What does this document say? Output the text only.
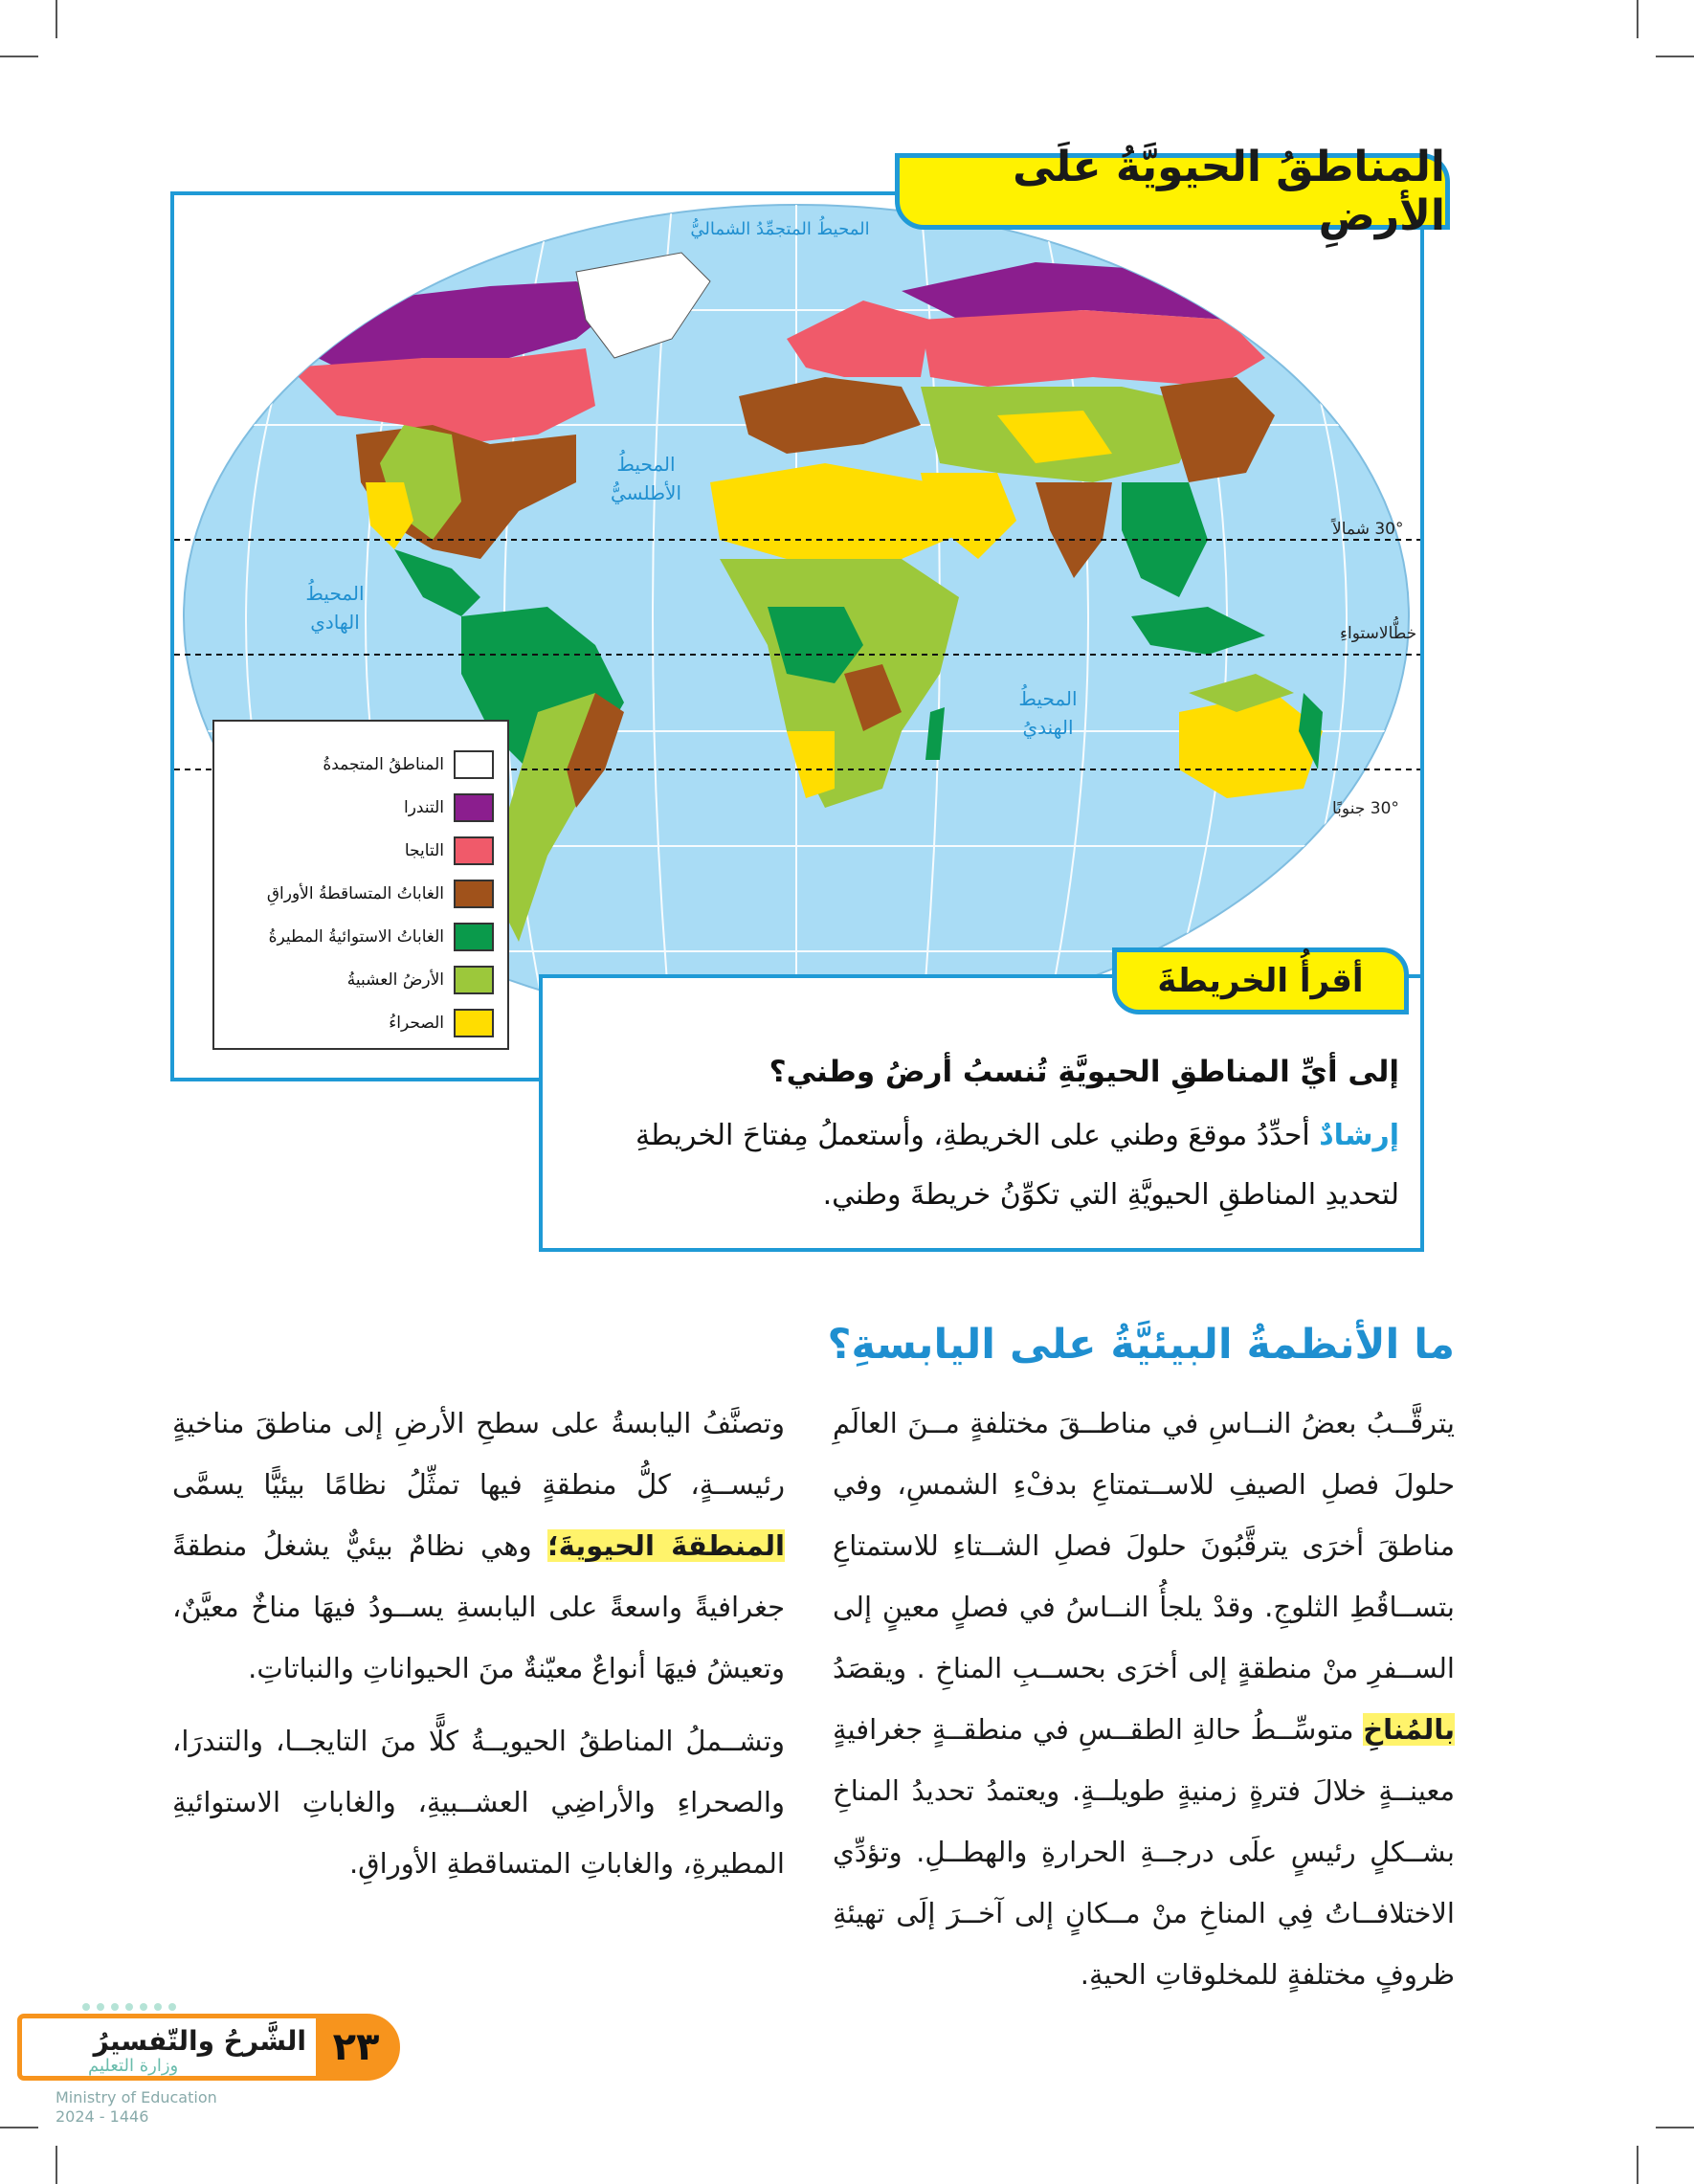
المناطقُ الحيويَّةُ علَى الأرضِ
المحيطُ المتجمِّدُ الشماليُّ
المحيطُ
الأطلسيُّ
المحيطُ
الهادي
المحيطُ
الهنديُ
30° شمالاً
خطُّالاستواءِ
30° جنوبًا
المناطقُ المتجمدةُ
التندرا
التايجا
الغاباتُ المتساقطةُ الأوراقِ
الغاباتُ الاستوائيةُ المطيرةُ
الأرضُ العشبيةُ
الصحراءُ
إلى أيِّ المناطقِ الحيويَّةِ تُنسبُ أرضُ وطني؟
إرشادٌ أحدِّدُ موقعَ وطني على الخريطةِ، وأستعملُ مِفتاحَ الخريطةِ لتحديدِ المناطقِ الحيويَّةِ التي تكوِّنُ خريطةَ وطني.
أقرأُ الخريطةَ
ما الأنظمةُ البيئيَّةُ على اليابسةِ؟

يترقَّــبُ بعضُ النــاسِ في مناطــقَ مختلفةٍ مــنَ العالَمِ حلولَ فصلِ الصيفِ للاســتمتاعِ بدفْءِ الشمسِ، وفي مناطقَ أخرَى يترقَّبُونَ حلولَ فصلِ الشــتاءِ للاستمتاعِ بتســاقُطِ الثلوجِ. وقدْ يلجأُ النــاسُ في فصلٍ معينٍ إلى الســفرِ منْ منطقةٍ إلى أخرَى بحســبِ المناخِ . ويقصَدُ بالمُناخِ متوسِّــطُ حالةِ الطقــسِ في منطقــةٍ جغرافيةٍ معينــةٍ خلالَ فترةٍ زمنيةٍ طويلــةٍ. ويعتمدُ تحديدُ المناخِ بشــكلٍ رئيسٍ علَى درجــةِ الحرارةِ والهطــلِ. وتؤدِّي الاختلافــاتُ فِي المناخِ منْ مــكانٍ إلى آخــرَ إلَى تهيئةِ ظروفٍ مختلفةٍ للمخلوقاتِ الحيةِ.

وتصنَّفُ اليابسةُ على سطحِ الأرضِ إلى مناطقَ مناخيةٍ رئيســةٍ، كلُّ منطقةٍ فيها تمثِّلُ نظامًا بيئيًّا يسمَّى المنطقةَ الحيويةَ؛ وهي نظامٌ بيئيٌّ يشغلُ منطقةً جغرافيةً واسعةً على اليابسةِ يســودُ فيهَا مناخٌ معيَّنٌ، وتعيشُ فيهَا أنواعٌ معيّنةٌ منَ الحيواناتِ والنباتاتِ.

وتشــملُ المناطقُ الحيويــةُ كلًّا منَ التايجــا، والتندرَا، والصحراءِ والأراضِي العشــبيةِ، والغاباتِ الاستوائيةِ المطيرةِ، والغاباتِ المتساقطةِ الأوراقِ.

٢٣
الشَّرحُ والتّفسيرُ
وزارة التعليم
Ministry of Education
2024 - 1446
